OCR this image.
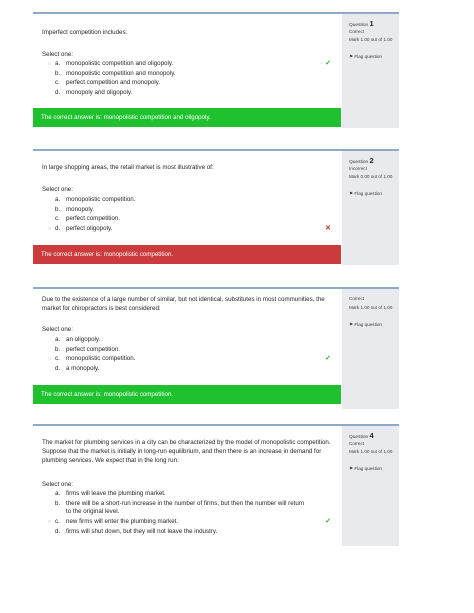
Imperfect competition includes:
Select one:
○ a. monopolistic competition and oligopoly.	✓
b. monopolistic competition and monopoly.
c. perfect competition and monopoly.
d. monopoly and oligopoly.
The correct answer is: monopolistic competition and oligopoly.
Question 1
Correct
Mark 1.00 out of 1.00
⚑ Flag question
In large shopping areas, the retail market is most illustrative of:
Select one:
a. monopolistic competition.
b. monopoly.
c. perfect competition.
○ d. perfect oligopoly.	✕
The correct answer is: monopolistic competition.
Question 2
Incorrect
Mark 0.00 out of 1.00
⚑ Flag question
Due to the existence of a large number of similar, but not identical, substitutes in most communities, the market for chiropractors is best considered:
Select one:
a. an oligopoly.
b. perfect competition.
○ c. monopolistic competition.	✓
d. a monopoly.
The correct answer is: monopolistic competition.
Correct
Mark 1.00 out of 1.00
⚑ Flag question
The market for plumbing services in a city can be characterized by the model of monopolistic competition. Suppose that the market is initially in long-run equilibrium, and then there is an increase in demand for plumbing services. We expect that in the long run:
Select one:
a. firms will leave the plumbing market.
b. there will be a short-run increase in the number of firms, but then the number will return to the original level.
○ c. new firms will enter the plumbing market.	✓
d. firms will shut down, but they will not leave the industry.
Question 4
Correct
Mark 1.00 out of 1.00
⚑ Flag question
